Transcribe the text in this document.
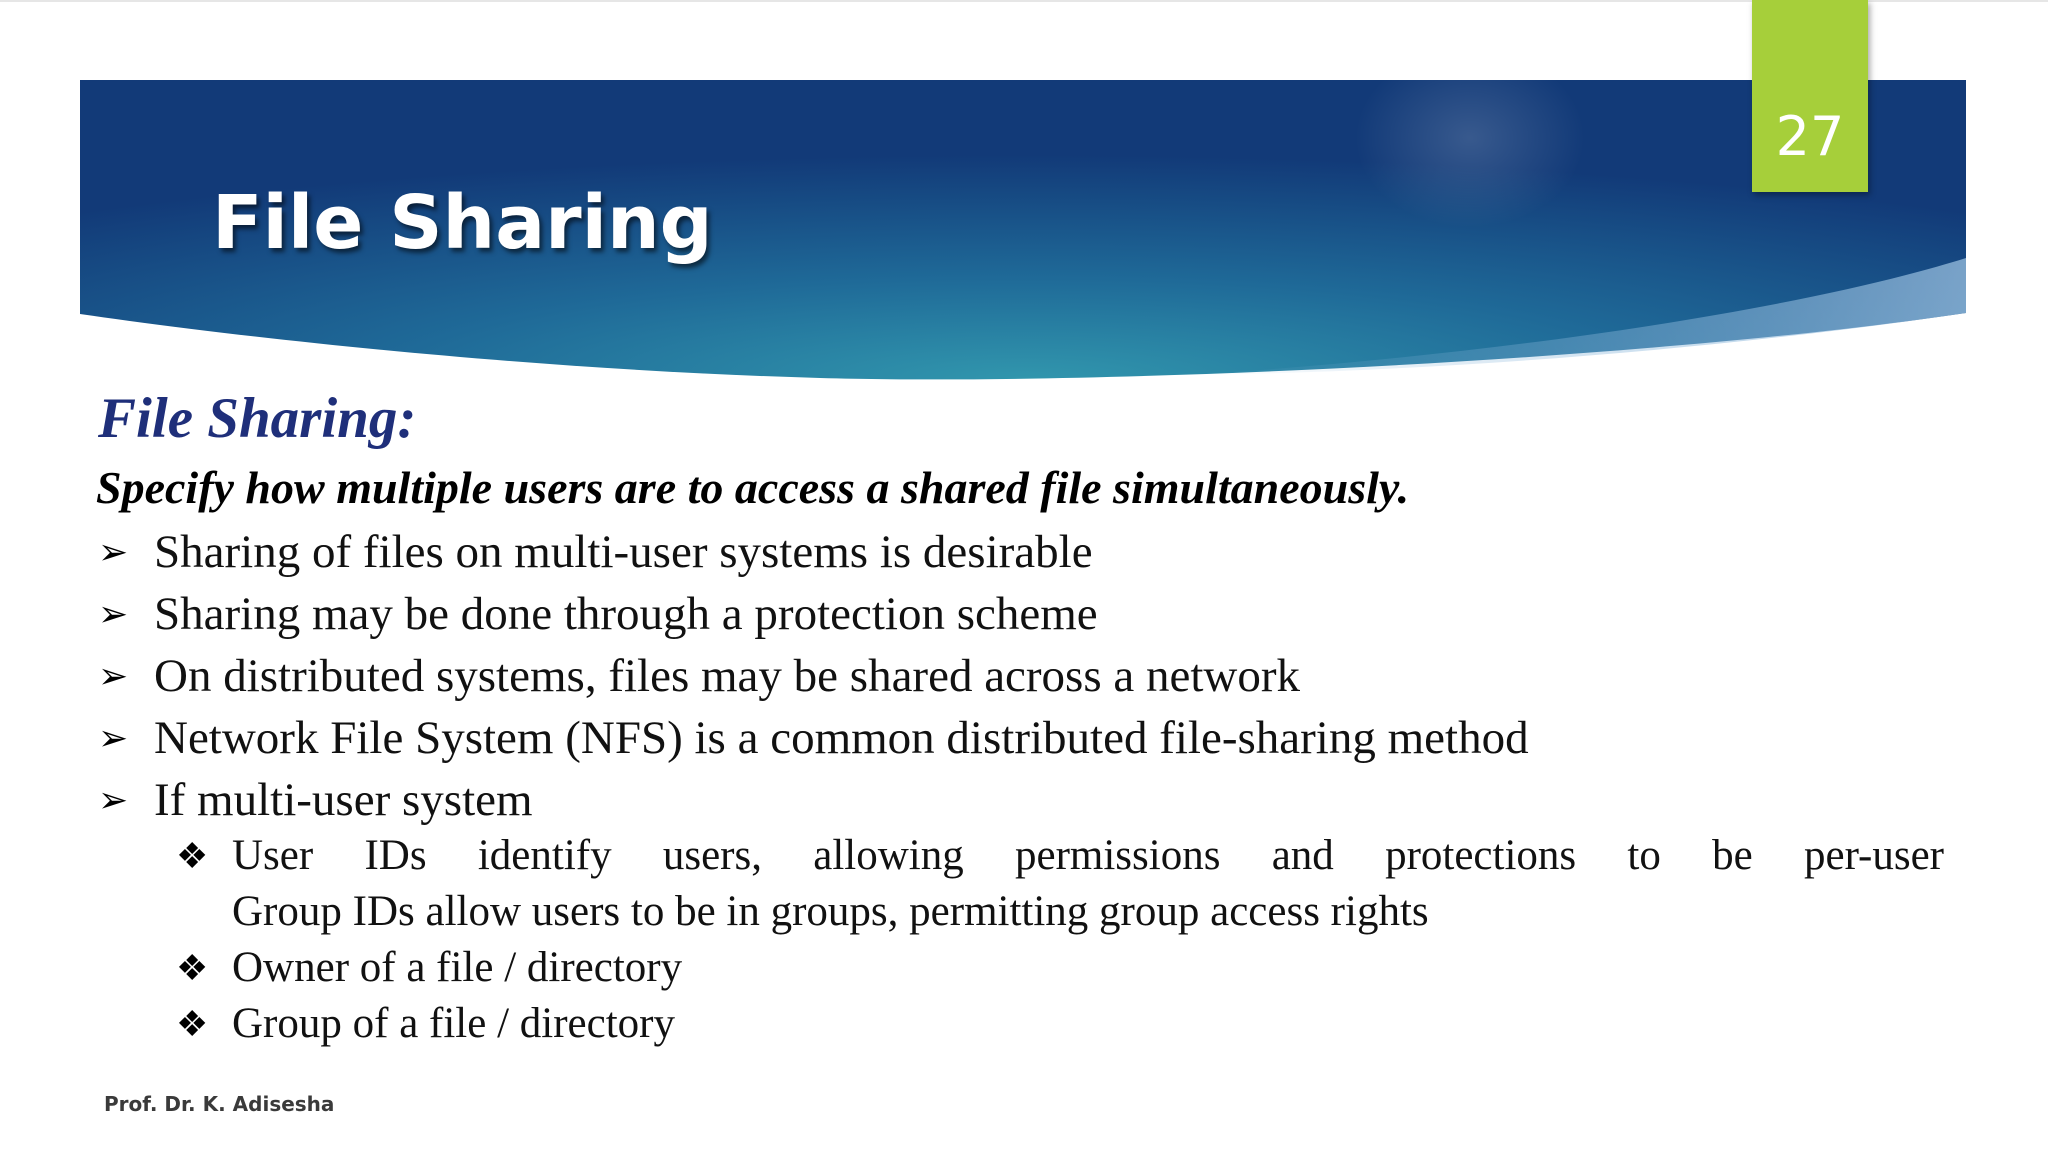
File Sharing
27
File Sharing:
Specify how multiple users are to access a shared file simultaneously.
➢ Sharing of files on multi-user systems is desirable
➢ Sharing may be done through a protection scheme
➢ On distributed systems, files may be shared across a network
➢ Network File System (NFS) is a common distributed file-sharing method
➢ If multi-user system
❖ User IDs identify users, allowing permissions and protections to be per-user
Group IDs allow users to be in groups, permitting group access rights
❖ Owner of a file / directory
❖ Group of a file / directory
Prof. Dr. K. Adisesha
